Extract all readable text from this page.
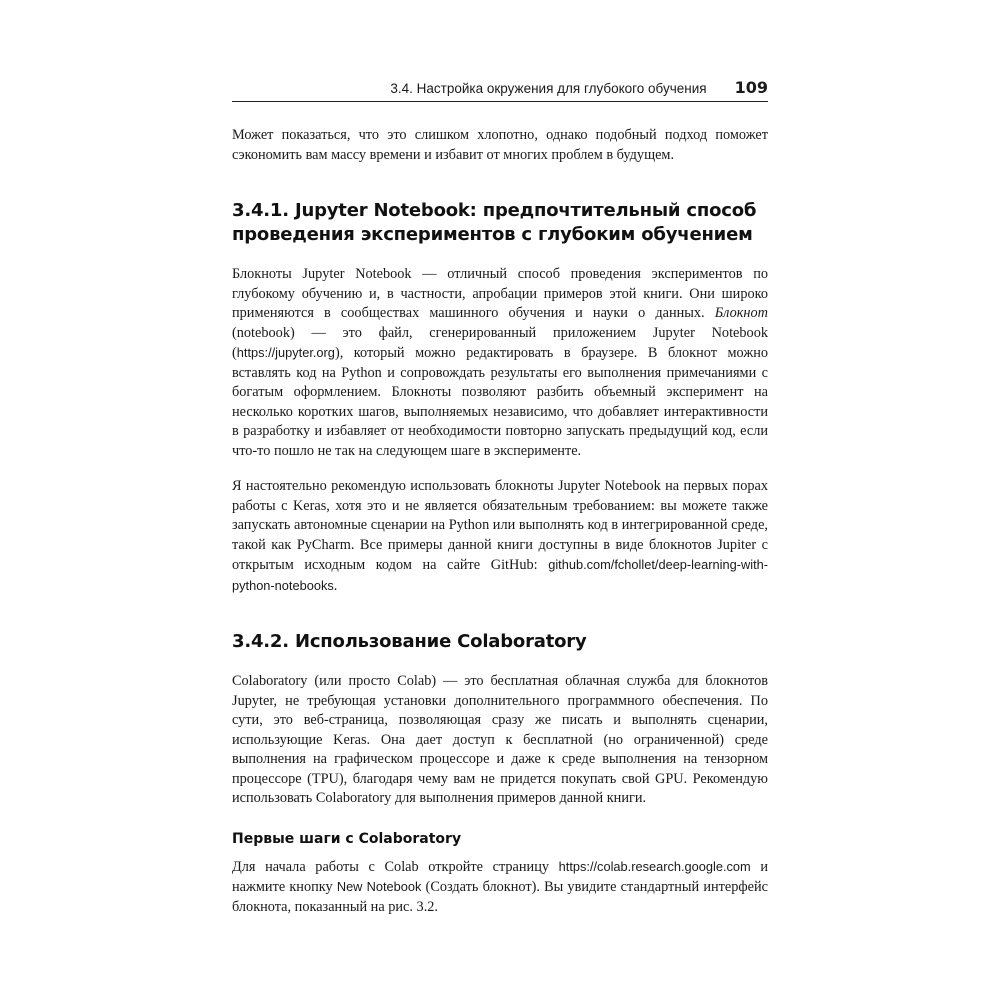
3.4. Настройка окружения для глубокого обучения 109

Может показаться, что это слишком хлопотно, однако подобный подход поможет сэкономить вам массу времени и избавит от многих проблем в будущем.

3.4.1. Jupyter Notebook: предпочтительный способ проведения экспериментов с глубоким обучением

Блокноты Jupyter Notebook — отличный способ проведения экспериментов по глубокому обучению и, в частности, апробации примеров этой книги. Они широко применяются в сообществах машинного обучения и науки о данных. Блокнот (notebook) — это файл, сгенерированный приложением Jupyter Notebook (https://jupyter.org), который можно редактировать в браузере. В блокнот можно вставлять код на Python и сопровождать результаты его выполнения примечаниями с богатым оформлением. Блокноты позволяют разбить объемный эксперимент на несколько коротких шагов, выполняемых независимо, что добавляет интерактивности в разработку и избавляет от необходимости повторно запускать предыдущий код, если что-то пошло не так на следующем шаге в эксперименте.

Я настоятельно рекомендую использовать блокноты Jupyter Notebook на первых порах работы с Keras, хотя это и не является обязательным требованием: вы можете также запускать автономные сценарии на Python или выполнять код в интегрированной среде, такой как PyCharm. Все примеры данной книги доступны в виде блокнотов Jupiter с открытым исходным кодом на сайте GitHub: github.com/fchollet/deep-learning-with-python-notebooks.

3.4.2. Использование Colaboratory

Colaboratory (или просто Colab) — это бесплатная облачная служба для блокнотов Jupyter, не требующая установки дополнительного программного обеспечения. По сути, это веб-страница, позволяющая сразу же писать и выполнять сценарии, использующие Keras. Она дает доступ к бесплатной (но ограниченной) среде выполнения на графическом процессоре и даже к среде выполнения на тензорном процессоре (TPU), благодаря чему вам не придется покупать свой GPU. Рекомендую использовать Colaboratory для выполнения примеров данной книги.

Первые шаги с Colaboratory

Для начала работы с Colab откройте страницу https://colab.research.google.com и нажмите кнопку New Notebook (Создать блокнот). Вы увидите стандартный интерфейс блокнота, показанный на рис. 3.2.
